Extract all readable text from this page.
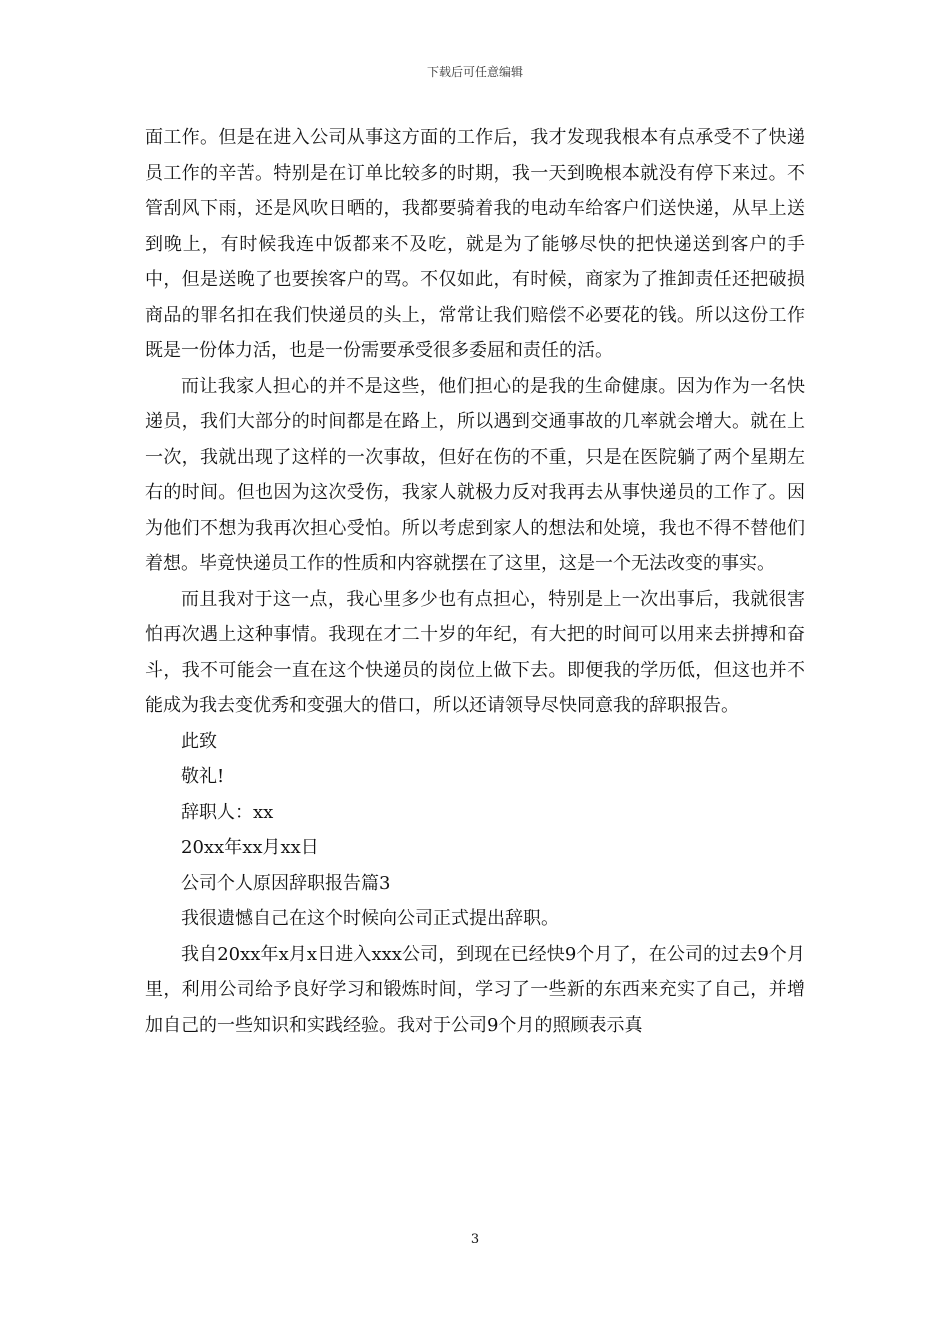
下载后可任意编辑

面工作。但是在进入公司从事这方面的工作后，我才发现我根本有点承受不了快递员工作的辛苦。特别是在订单比较多的时期，我一天到晚根本就没有停下来过。不管刮风下雨，还是风吹日晒的，我都要骑着我的电动车给客户们送快递，从早上送到晚上，有时候我连中饭都来不及吃，就是为了能够尽快的把快递送到客户的手中，但是送晚了也要挨客户的骂。不仅如此，有时候，商家为了推卸责任还把破损商品的罪名扣在我们快递员的头上，常常让我们赔偿不必要花的钱。所以这份工作既是一份体力活，也是一份需要承受很多委屈和责任的活。

而让我家人担心的并不是这些，他们担心的是我的生命健康。因为作为一名快递员，我们大部分的时间都是在路上，所以遇到交通事故的几率就会增大。就在上一次，我就出现了这样的一次事故，但好在伤的不重，只是在医院躺了两个星期左右的时间。但也因为这次受伤，我家人就极力反对我再去从事快递员的工作了。因为他们不想为我再次担心受怕。所以考虑到家人的想法和处境，我也不得不替他们着想。毕竟快递员工作的性质和内容就摆在了这里，这是一个无法改变的事实。

而且我对于这一点，我心里多少也有点担心，特别是上一次出事后，我就很害怕再次遇上这种事情。我现在才二十岁的年纪，有大把的时间可以用来去拼搏和奋斗，我不可能会一直在这个快递员的岗位上做下去。即便我的学历低，但这也并不能成为我去变优秀和变强大的借口，所以还请领导尽快同意我的辞职报告。

此致

敬礼!

辞职人：xx

20xx年xx月xx日

公司个人原因辞职报告篇3

我很遗憾自己在这个时候向公司正式提出辞职。

我自20xx年x月x日进入xxx公司，到现在已经快9个月了，在公司的过去9个月里，利用公司给予良好学习和锻炼时间，学习了一些新的东西来充实了自己，并增加自己的一些知识和实践经验。我对于公司9个月的照顾表示真

3
